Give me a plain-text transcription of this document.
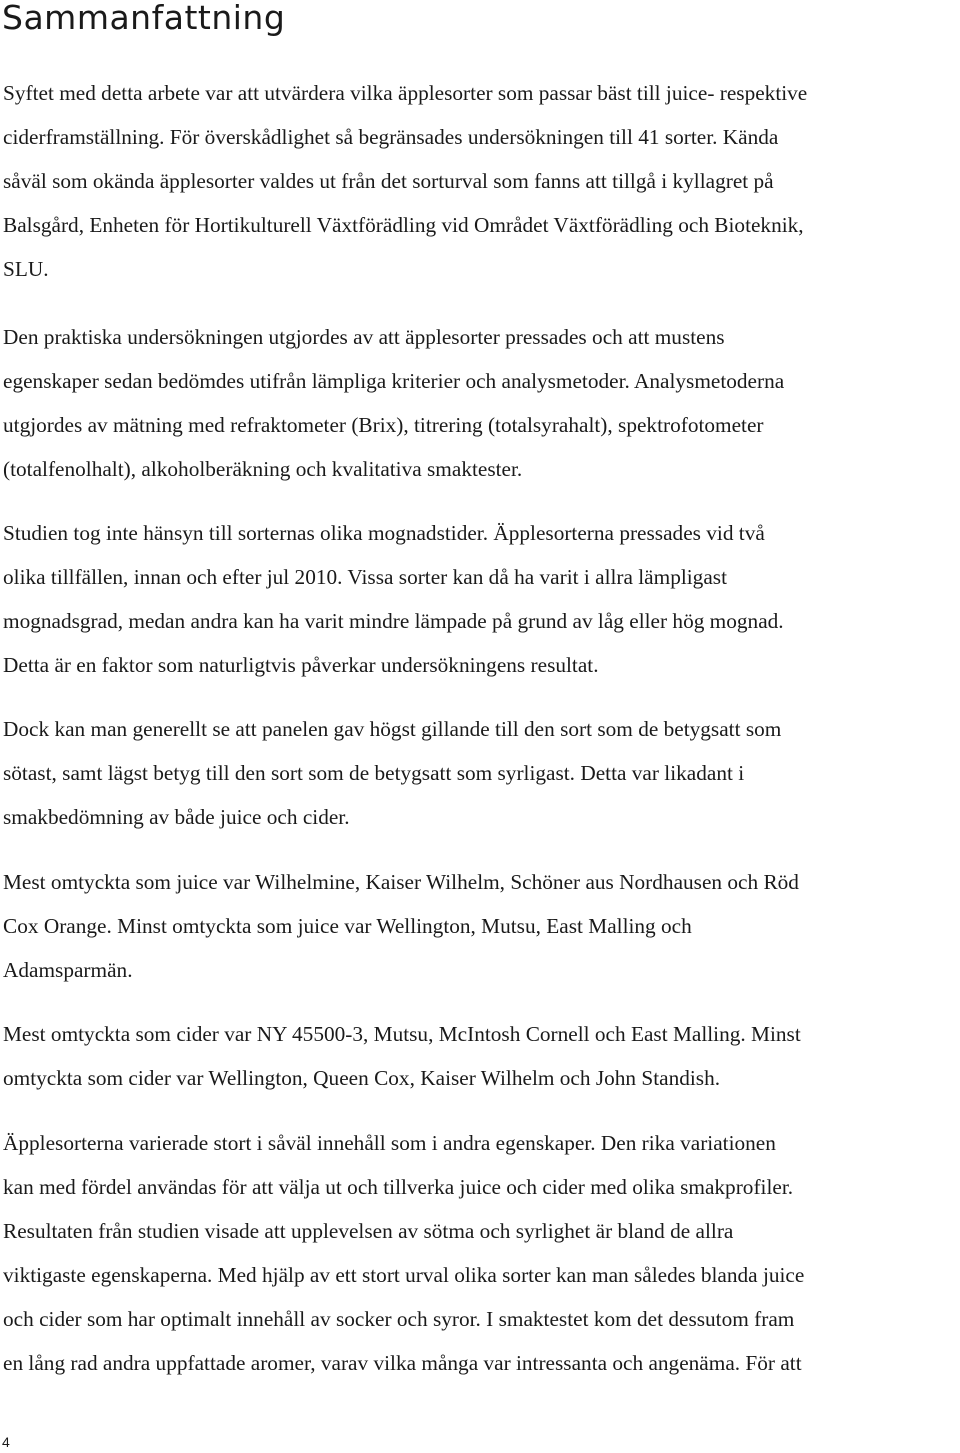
Sammanfattning
Syftet med detta arbete var att utvärdera vilka äpplesorter som passar bäst till juice- respektive
ciderframställning. För överskådlighet så begränsades undersökningen till 41 sorter. Kända
såväl som okända äpplesorter valdes ut från det sorturval som fanns att tillgå i kyllagret på
Balsgård, Enheten för Hortikulturell Växtförädling vid Området Växtförädling och Bioteknik,
SLU.
Den praktiska undersökningen utgjordes av att äpplesorter pressades och att mustens
egenskaper sedan bedömdes utifrån lämpliga kriterier och analysmetoder. Analysmetoderna
utgjordes av mätning med refraktometer (Brix), titrering (totalsyrahalt), spektrofotometer
(totalfenolhalt), alkoholberäkning och kvalitativa smaktester.
Studien tog inte hänsyn till sorternas olika mognadstider. Äpplesorterna pressades vid två
olika tillfällen, innan och efter jul 2010. Vissa sorter kan då ha varit i allra lämpligast
mognadsgrad, medan andra kan ha varit mindre lämpade på grund av låg eller hög mognad.
Detta är en faktor som naturligtvis påverkar undersökningens resultat.
Dock kan man generellt se att panelen gav högst gillande till den sort som de betygsatt som
sötast, samt lägst betyg till den sort som de betygsatt som syrligast. Detta var likadant i
smakbedömning av både juice och cider.
Mest omtyckta som juice var Wilhelmine, Kaiser Wilhelm, Schöner aus Nordhausen och Röd
Cox Orange. Minst omtyckta som juice var Wellington, Mutsu, East Malling och
Adamsparmän.
Mest omtyckta som cider var NY 45500-3, Mutsu, McIntosh Cornell och East Malling. Minst
omtyckta som cider var Wellington, Queen Cox, Kaiser Wilhelm och John Standish.
Äpplesorterna varierade stort i såväl innehåll som i andra egenskaper. Den rika variationen
kan med fördel användas för att välja ut och tillverka juice och cider med olika smakprofiler.
Resultaten från studien visade att upplevelsen av sötma och syrlighet är bland de allra
viktigaste egenskaperna. Med hjälp av ett stort urval olika sorter kan man således blanda juice
och cider som har optimalt innehåll av socker och syror. I smaktestet kom det dessutom fram
en lång rad andra uppfattade aromer, varav vilka många var intressanta och angenäma. För att
4
